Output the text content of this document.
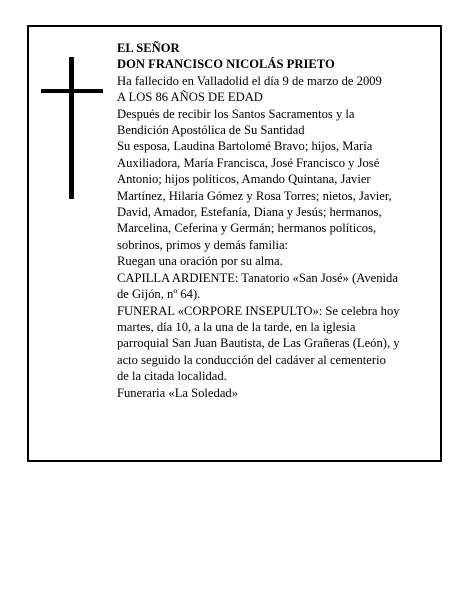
EL SEÑOR
DON FRANCISCO NICOLÁS PRIETO
Ha fallecido en Valladolid el día 9 de marzo de 2009
A LOS 86 AÑOS DE EDAD
Después de recibir los Santos Sacramentos y la
Bendición Apostólica de Su Santidad
Su esposa, Laudina Bartolomé Bravo; hijos, María
Auxiliadora, María Francisca, José Francisco y José
Antonio; hijos políticos, Amando Quintana, Javier
Martínez, Hilaria Gómez y Rosa Torres; nietos, Javier,
David, Amador, Estefanía, Diana y Jesús; hermanos,
Marcelina, Ceferina y Germán; hermanos políticos,
sobrinos, primos y demás familia:
Ruegan una oración por su alma.
CAPILLA ARDIENTE: Tanatorio «San José» (Avenida
de Gijón, nº 64).
FUNERAL «CORPORE INSEPULTO»: Se celebra hoy
martes, día 10, a la una de la tarde, en la iglesia
parroquial San Juan Bautista, de Las Grañeras (León), y
acto seguido la conducción del cadáver al cementerio
de la citada localidad.
Funeraria «La Soledad»
